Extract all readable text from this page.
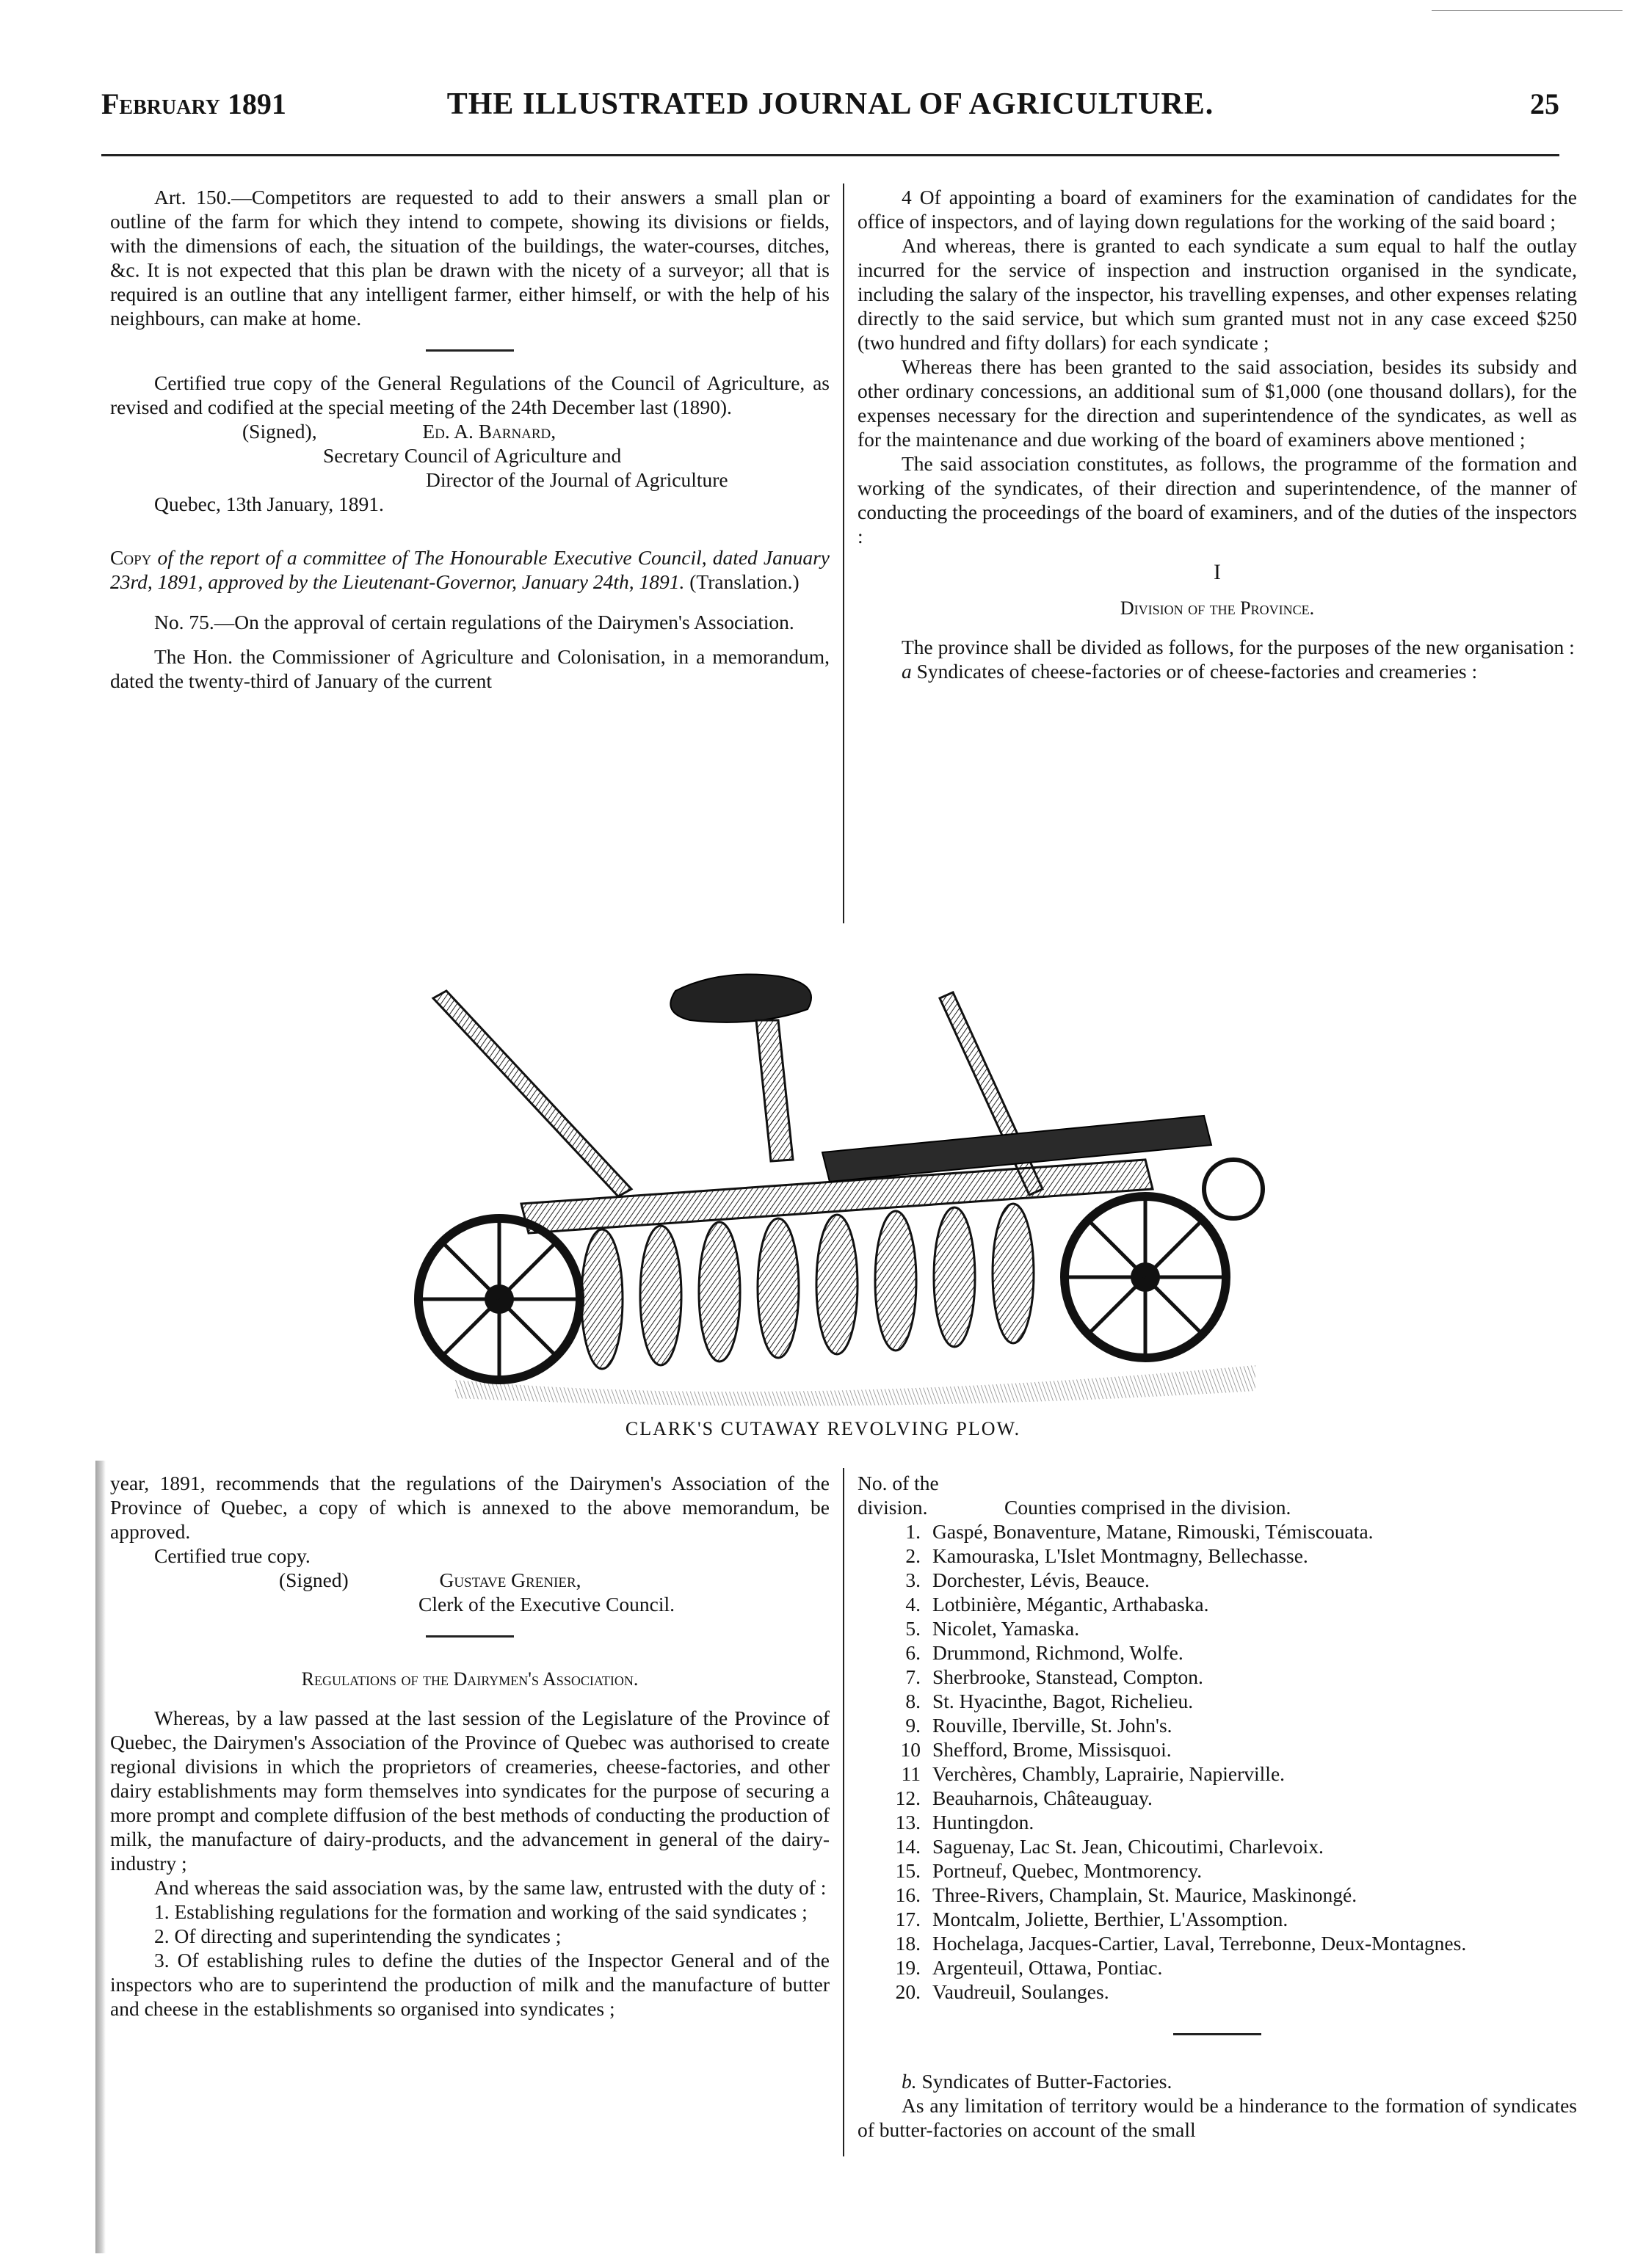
February 1891	THE ILLUSTRATED JOURNAL OF AGRICULTURE.	25

Art. 150.—Competitors are requested to add to their answers a small plan or outline of the farm for which they intend to compete, showing its divisions or fields, with the dimensions of each, the situation of the buildings, the water-courses, ditches, &c. It is not expected that this plan be drawn with the nicety of a surveyor; all that is required is an outline that any intelligent farmer, either himself, or with the help of his neighbours, can make at home.

Certified true copy of the General Regulations of the Council of Agriculture, as revised and codified at the special meeting of the 24th December last (1890).

(Signed),	Ed. A. Barnard,

Secretary Council of Agriculture and

Director of the Journal of Agriculture

Quebec, 13th January, 1891.

Copy of the report of a committee of The Honourable Executive Council, dated January 23rd, 1891, approved by the Lieutenant-Governor, January 24th, 1891. (Translation.)

No. 75.—On the approval of certain regulations of the Dairymen's Association.

The Hon. the Commissioner of Agriculture and Colonisation, in a memorandum, dated the twenty-third of January of the current

4 Of appointing a board of examiners for the examination of candidates for the office of inspectors, and of laying down regulations for the working of the said board ;

And whereas, there is granted to each syndicate a sum equal to half the outlay incurred for the service of inspection and instruction organised in the syndicate, including the salary of the inspector, his travelling expenses, and other expenses relating directly to the said service, but which sum granted must not in any case exceed $250 (two hundred and fifty dollars) for each syndicate ;

Whereas there has been granted to the said association, besides its subsidy and other ordinary concessions, an additional sum of $1,000 (one thousand dollars), for the expenses necessary for the direction and superintendence of the syndicates, as well as for the maintenance and due working of the board of examiners above mentioned ;

The said association constitutes, as follows, the programme of the formation and working of the syndicates, of their direction and superintendence, of the manner of conducting the proceedings of the board of examiners, and of the duties of the inspectors :

I
Division of the Province.

The province shall be divided as follows, for the purposes of the new organisation :

a Syndicates of cheese-factories or of cheese-factories and creameries :

CLARK'S CUTAWAY REVOLVING PLOW.

year, 1891, recommends that the regulations of the Dairymen's Association of the Province of Quebec, a copy of which is annexed to the above memorandum, be approved.

Certified true copy.

(Signed)	Gustave Grenier,

Clerk of the Executive Council.

Regulations of the Dairymen's Association.

Whereas, by a law passed at the last session of the Legislature of the Province of Quebec, the Dairymen's Association of the Province of Quebec was authorised to create regional divisions in which the proprietors of creameries, cheese-factories, and other dairy establishments may form themselves into syndicates for the purpose of securing a more prompt and complete diffusion of the best methods of conducting the production of milk, the manufacture of dairy-products, and the advancement in general of the dairy-industry ;

And whereas the said association was, by the same law, entrusted with the duty of :

1. Establishing regulations for the formation and working of the said syndicates ;

2. Of directing and superintending the syndicates ;

3. Of establishing rules to define the duties of the Inspector General and of the inspectors who are to superintend the production of milk and the manufacture of butter and cheese in the establishments so organised into syndicates ;

No. of the
division.	Counties comprised in the division.
1. Gaspé, Bonaventure, Matane, Rimouski, Témiscouata.
2. Kamouraska, L'Islet Montmagny, Bellechasse.
3. Dorchester, Lévis, Beauce.
4. Lotbinière, Mégantic, Arthabaska.
5. Nicolet, Yamaska.
6. Drummond, Richmond, Wolfe.
7. Sherbrooke, Stanstead, Compton.
8. St. Hyacinthe, Bagot, Richelieu.
9. Rouville, Iberville, St. John's.
10 Shefford, Brome, Missisquoi.
11 Verchères, Chambly, Laprairie, Napierville.
12. Beauharnois, Châteauguay.
13. Huntingdon.
14. Saguenay, Lac St. Jean, Chicoutimi, Charlevoix.
15. Portneuf, Quebec, Montmorency.
16. Three-Rivers, Champlain, St. Maurice, Maskinongé.
17. Montcalm, Joliette, Berthier, L'Assomption.
18. Hochelaga, Jacques-Cartier, Laval, Terrebonne, Deux-Montagnes.
19. Argenteuil, Ottawa, Pontiac.
20. Vaudreuil, Soulanges.

b. Syndicates of Butter-Factories.

As any limitation of territory would be a hinderance to the formation of syndicates of butter-factories on account of the small
